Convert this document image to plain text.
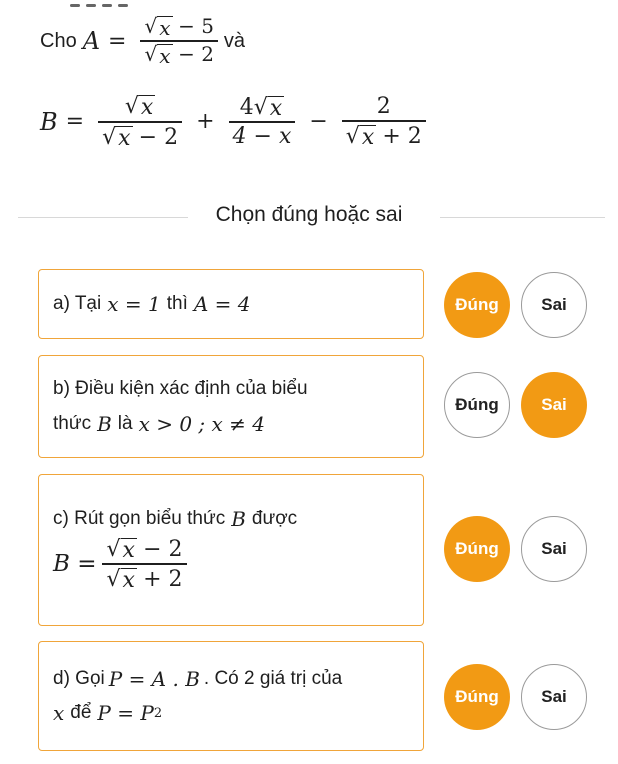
Cho $A = \frac{√ x - 5}{√ x - 2}$ và
$B = \frac{√ x}{√ x - 2} + \frac{4 √ x}{4 - x} - \frac{2}{√ x + 2}$
Chọn đúng hoặc sai
a) Tại x = 1 thì A = 4	Đúng	Sai
b) Điều kiện xác định của biểu
thức B là x > 0 ; x ≠ 4
Đúng	Sai
c) Rút gọn biểu thức B được
$B = \frac{√ x - 2}{√ x + 2}$	Đúng	Sai
d) Gọi P = A . B . Có 2 giá trị của
x để P = P 2
Đúng	Sai
